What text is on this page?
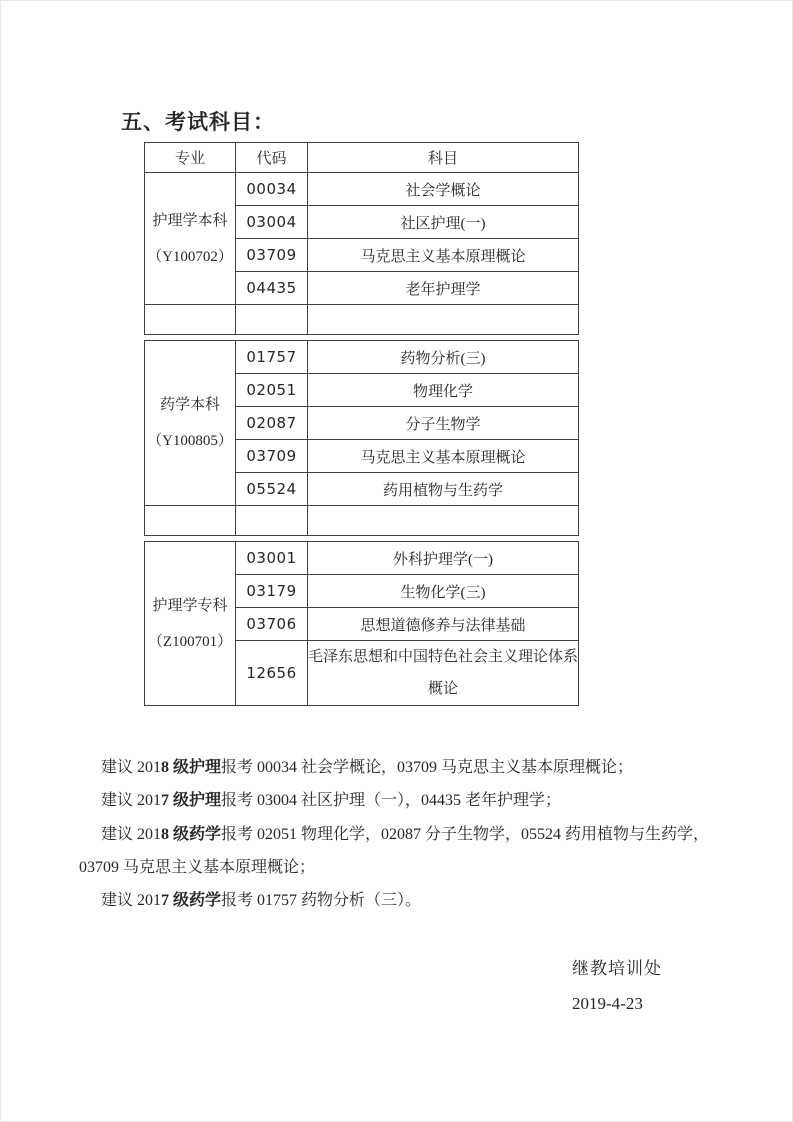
五、考试科目：
专业	代码	科目

护理学本科
（Y100702）	00034	社会学概论
	03004	社区护理(一)
	03709	马克思主义基本原理概论
	04435	老年护理学

药学本科
（Y100805）	01757	药物分析(三)
	02051	物理化学
	02087	分子生物学
	03709	马克思主义基本原理概论
	05524	药用植物与生药学

护理学专科
（Z100701）	03001	外科护理学(一)
	03179	生物化学(三)
	03706	思想道德修养与法律基础
	12656	毛泽东思想和中国特色社会主义理论体系概论
建议 2018 级护理报考 00034 社会学概论，03709 马克思主义基本原理概论；
建议 2017 级护理报考 03004 社区护理（一），04435 老年护理学；
建议 2018 级药学报考 02051 物理化学，02087 分子生物学，05524 药用植物与生药学，
03709 马克思主义基本原理概论；
建议 2017 级药学报考 01757 药物分析（三）。
继教培训处
2019-4-23
